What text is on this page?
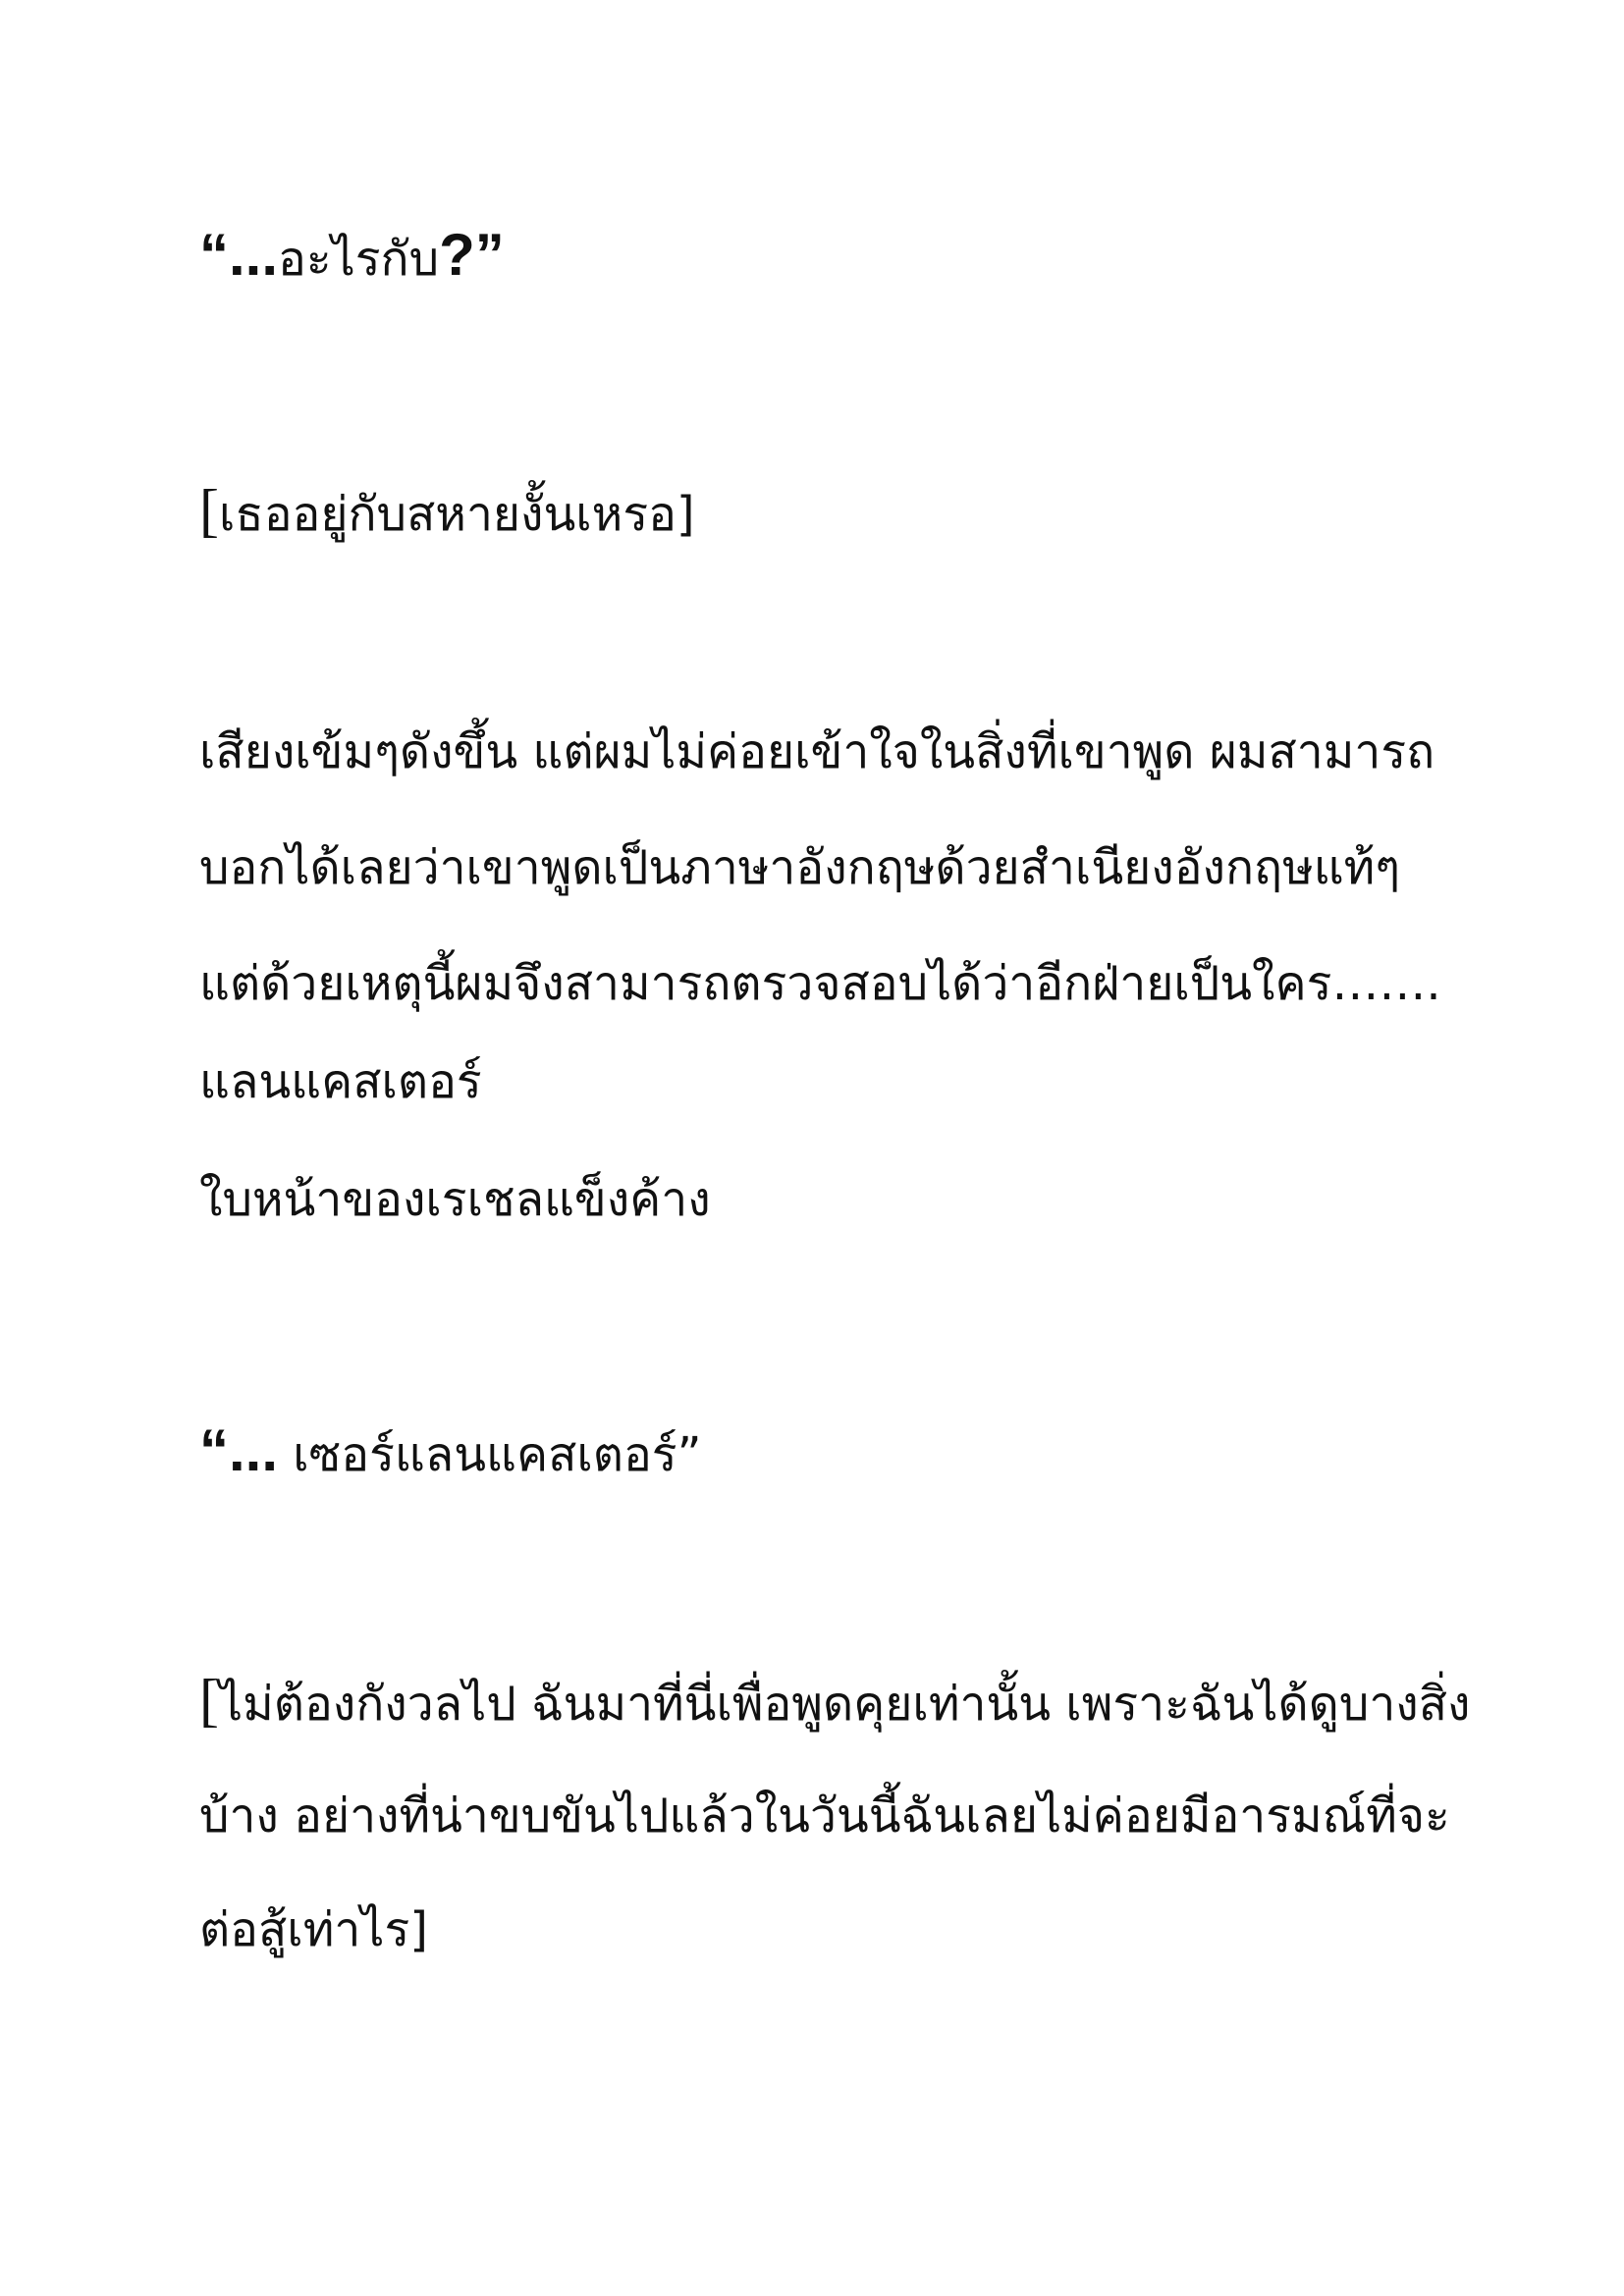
“...อะไรกับ?”
[เธออยู่กับสหายงั้นเหรอ]
เสียงเข้มๆดังขึ้น แต่ผมไม่ค่อยเข้าใจในสิ่งที่เขาพูด ผมสามารถ
บอกได้เลยว่าเขาพูดเป็นภาษาอังกฤษด้วยสำเนียงอังกฤษแท้ๆ
แต่ด้วยเหตุนี้ผมจึงสามารถตรวจสอบได้ว่าอีกฝ่ายเป็นใคร…….
แลนแคสเตอร์
ใบหน้าของเรเชลแข็งค้าง
“... เซอร์แลนแคสเตอร์”
[ไม่ต้องกังวลไป ฉันมาที่นี่เพื่อพูดคุยเท่านั้น เพราะฉันได้ดูบางสิ่ง
บ้าง อย่างที่น่าขบขันไปแล้วในวันนี้ฉันเลยไม่ค่อยมีอารมณ์ที่จะ
ต่อสู้เท่าไร]
